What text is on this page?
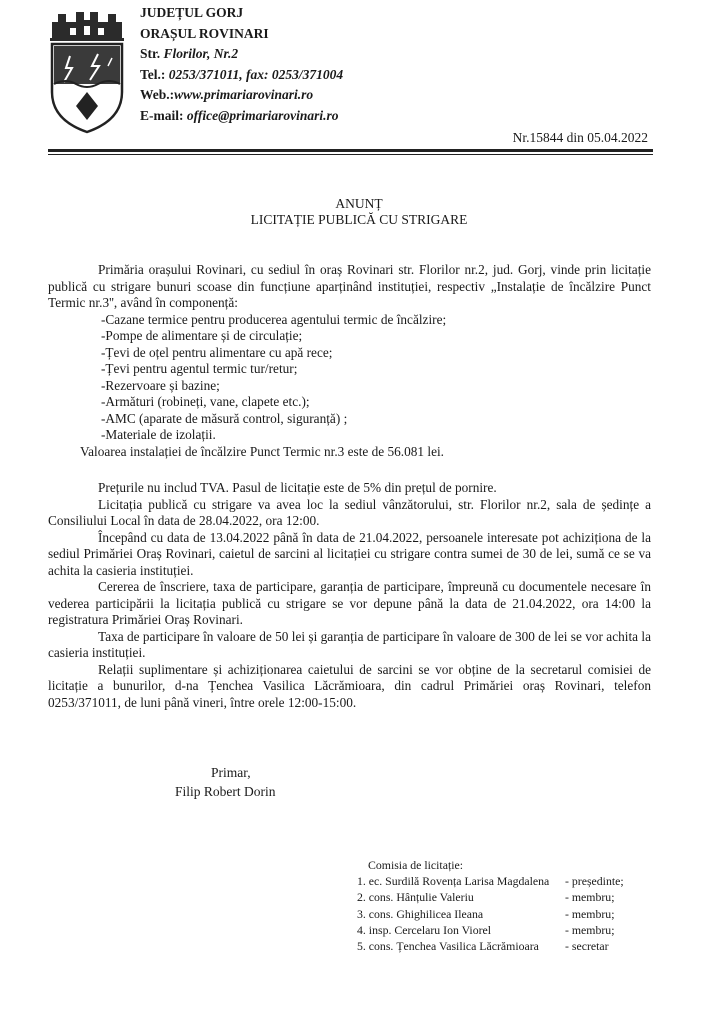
JUDEȚUL GORJ
ORAȘUL ROVINARI
Str. Florilor, Nr.2
Tel.: 0253/371011, fax: 0253/371004
Web.:www.primariarovinari.ro
E-mail: office@primariarovinari.ro
Nr.15844 din 05.04.2022
ANUNȚ
LICITAȚIE PUBLICĂ CU STRIGARE

Primăria orașului Rovinari, cu sediul în oraș Rovinari str. Florilor nr.2, jud. Gorj, vinde prin licitație publică cu strigare bunuri scoase din funcțiune aparținând instituției, respectiv „Instalație de încălzire Punct Termic nr.3'', având în componență:

-Cazane termice pentru producerea agentului termic de încălzire;
-Pompe de alimentare și de circulație;
-Țevi de oțel pentru alimentare cu apă rece;
-Țevi pentru agentul termic tur/retur;
-Rezervoare și bazine;
-Armături (robineți, vane, clapete etc.);
-AMC (aparate de măsură control, siguranță) ;
-Materiale de izolații.

Valoarea instalației de încălzire Punct Termic nr.3 este de 56.081 lei.

Prețurile nu includ TVA. Pasul de licitație este de 5% din prețul de pornire.

Licitația publică cu strigare va avea loc la sediul vânzătorului, str. Florilor nr.2, sala de ședințe a Consiliului Local în data de 28.04.2022, ora 12:00.

Începând cu data de 13.04.2022 până în data de 21.04.2022, persoanele interesate pot achiziționa de la sediul Primăriei Oraș Rovinari, caietul de sarcini al licitației cu strigare contra sumei de 30 de lei, sumă ce se va achita la casieria instituției.

Cererea de înscriere, taxa de participare, garanția de participare, împreună cu documentele necesare în vederea participării la licitația publică cu strigare se vor depune până la data de 21.04.2022, ora 14:00 la registratura Primăriei Oraș Rovinari.

Taxa de participare în valoare de 50 lei și garanția de participare în valoare de 300 de lei se vor achita la casieria instituției.

Relații suplimentare și achiziționarea caietului de sarcini se vor obține de la secretarul comisiei de licitație a bunurilor, d-na Țenchea Vasilica Lăcrămioara, din cadrul Primăriei oraș Rovinari, telefon 0253/371011, de luni până vineri, între orele 12:00-15:00.

Primar,
Filip Robert Dorin
Comisia de licitație:
1. ec. Surdilă Rovența Larisa Magdalena	- președinte;
2. cons. Hânțulie Valeriu	- membru;
3. cons. Ghighilicea Ileana	- membru;
4. insp. Cercelaru Ion Viorel	- membru;
5. cons. Țenchea Vasilica Lăcrămioara	- secretar
